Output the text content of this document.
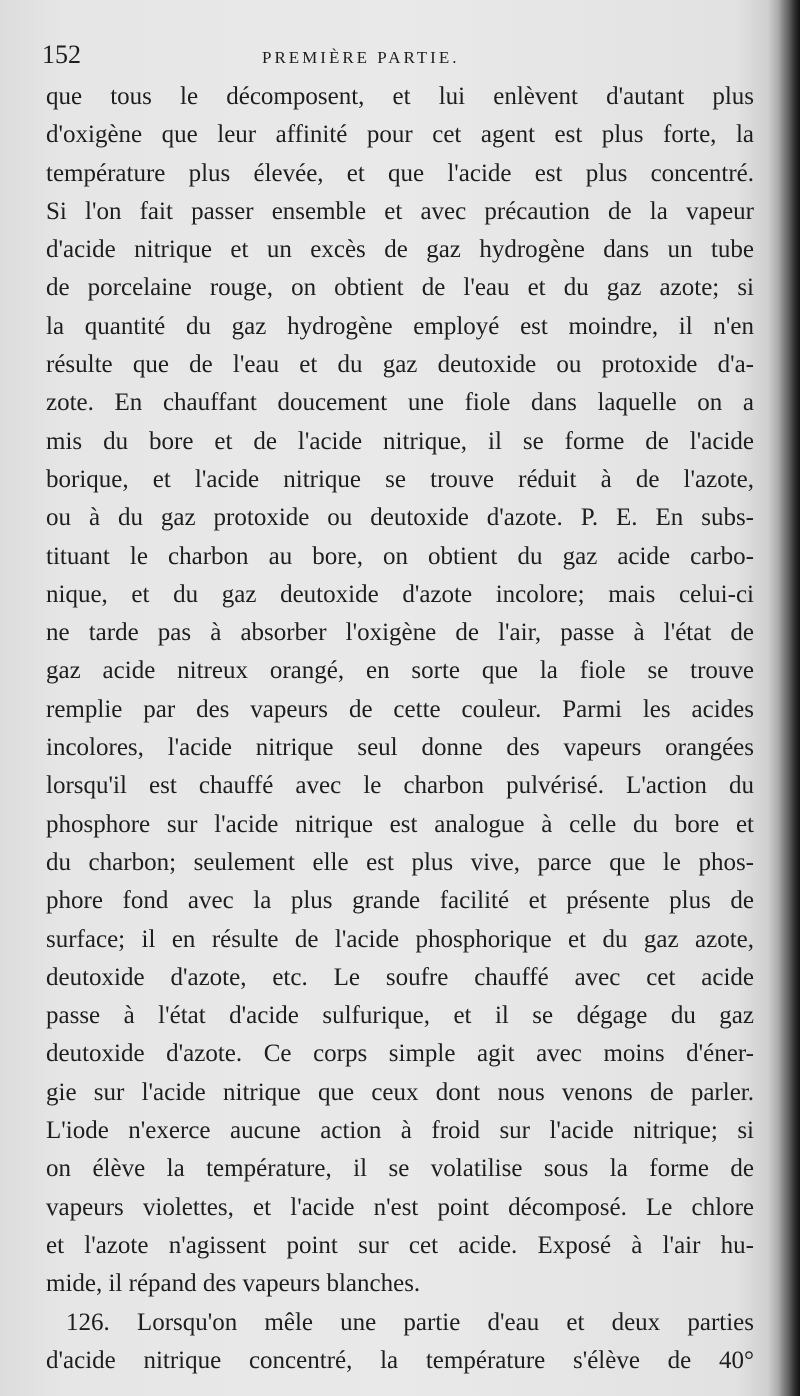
152	PREMIÈRE PARTIE.
que tous le décomposent, et lui enlèvent d'autant plus
d'oxigène que leur affinité pour cet agent est plus forte, la
température plus élevée, et que l'acide est plus concentré.
Si l'on fait passer ensemble et avec précaution de la vapeur
d'acide nitrique et un excès de gaz hydrogène dans un tube
de porcelaine rouge, on obtient de l'eau et du gaz azote; si
la quantité du gaz hydrogène employé est moindre, il n'en
résulte que de l'eau et du gaz deutoxide ou protoxide d'a-
zote. En chauffant doucement une fiole dans laquelle on a
mis du bore et de l'acide nitrique, il se forme de l'acide
borique, et l'acide nitrique se trouve réduit à de l'azote,
ou à du gaz protoxide ou deutoxide d'azote. P. E. En subs-
tituant le charbon au bore, on obtient du gaz acide carbo-
nique, et du gaz deutoxide d'azote incolore; mais celui-ci
ne tarde pas à absorber l'oxigène de l'air, passe à l'état de
gaz acide nitreux orangé, en sorte que la fiole se trouve
remplie par des vapeurs de cette couleur. Parmi les acides
incolores, l'acide nitrique seul donne des vapeurs orangées
lorsqu'il est chauffé avec le charbon pulvérisé. L'action du
phosphore sur l'acide nitrique est analogue à celle du bore et
du charbon; seulement elle est plus vive, parce que le phos-
phore fond avec la plus grande facilité et présente plus de
surface; il en résulte de l'acide phosphorique et du gaz azote,
deutoxide d'azote, etc. Le soufre chauffé avec cet acide
passe à l'état d'acide sulfurique, et il se dégage du gaz
deutoxide d'azote. Ce corps simple agit avec moins d'éner-
gie sur l'acide nitrique que ceux dont nous venons de parler.
L'iode n'exerce aucune action à froid sur l'acide nitrique; si
on élève la température, il se volatilise sous la forme de
vapeurs violettes, et l'acide n'est point décomposé. Le chlore
et l'azote n'agissent point sur cet acide. Exposé à l'air hu-
mide, il répand des vapeurs blanches.
126. Lorsqu'on mêle une partie d'eau et deux parties
d'acide nitrique concentré, la température s'élève de 40°
